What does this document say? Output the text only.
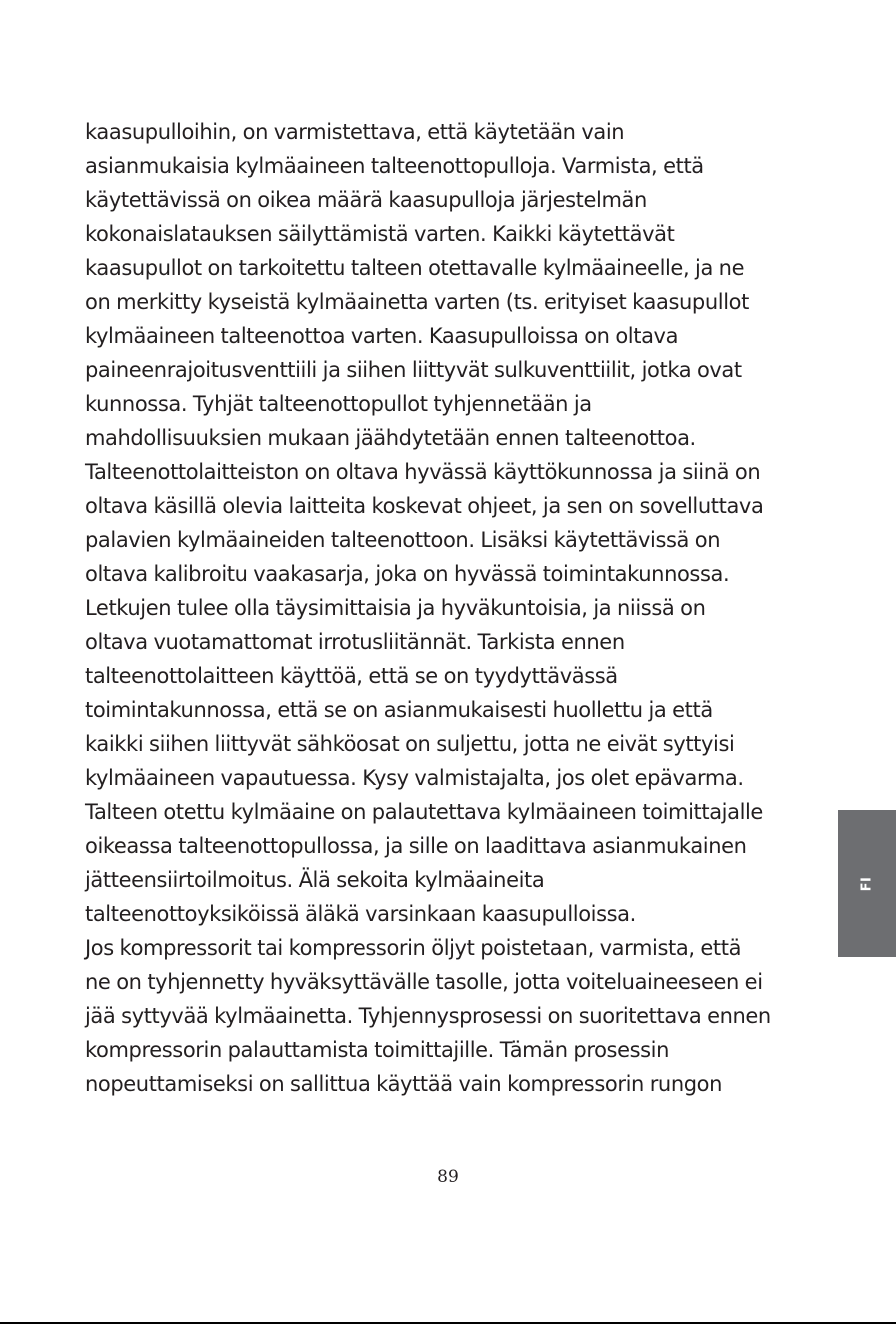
kaasupulloihin, on varmistettava, että käytetään vain
asianmukaisia kylmäaineen talteenottopulloja. Varmista, että
käytettävissä on oikea määrä kaasupulloja järjestelmän
kokonaislatauksen säilyttämistä varten. Kaikki käytettävät
kaasupullot on tarkoitettu talteen otettavalle kylmäaineelle, ja ne
on merkitty kyseistä kylmäainetta varten (ts. erityiset kaasupullot
kylmäaineen talteenottoa varten. Kaasupulloissa on oltava
paineenrajoitusventtiili ja siihen liittyvät sulkuventtiilit, jotka ovat
kunnossa. Tyhjät talteenottopullot tyhjennetään ja
mahdollisuuksien mukaan jäähdytetään ennen talteenottoa.
Talteenottolaitteiston on oltava hyvässä käyttökunnossa ja siinä on
oltava käsillä olevia laitteita koskevat ohjeet, ja sen on sovelluttava
palavien kylmäaineiden talteenottoon. Lisäksi käytettävissä on
oltava kalibroitu vaakasarja, joka on hyvässä toimintakunnossa.
Letkujen tulee olla täysimittaisia ja hyväkuntoisia, ja niissä on
oltava vuotamattomat irrotusliitännät. Tarkista ennen
talteenottolaitteen käyttöä, että se on tyydyttävässä
toimintakunnossa, että se on asianmukaisesti huollettu ja että
kaikki siihen liittyvät sähköosat on suljettu, jotta ne eivät syttyisi
kylmäaineen vapautuessa. Kysy valmistajalta, jos olet epävarma.
Talteen otettu kylmäaine on palautettava kylmäaineen toimittajalle
oikeassa talteenottopullossa, ja sille on laadittava asianmukainen
jätteensiirtoilmoitus. Älä sekoita kylmäaineita
talteenottoyksiköissä äläkä varsinkaan kaasupulloissa.
Jos kompressorit tai kompressorin öljyt poistetaan, varmista, että
ne on tyhjennetty hyväksyttävälle tasolle, jotta voiteluaineeseen ei
jää syttyvää kylmäainetta. Tyhjennysprosessi on suoritettava ennen
kompressorin palauttamista toimittajille. Tämän prosessin
nopeuttamiseksi on sallittua käyttää vain kompressorin rungon
FI
89
